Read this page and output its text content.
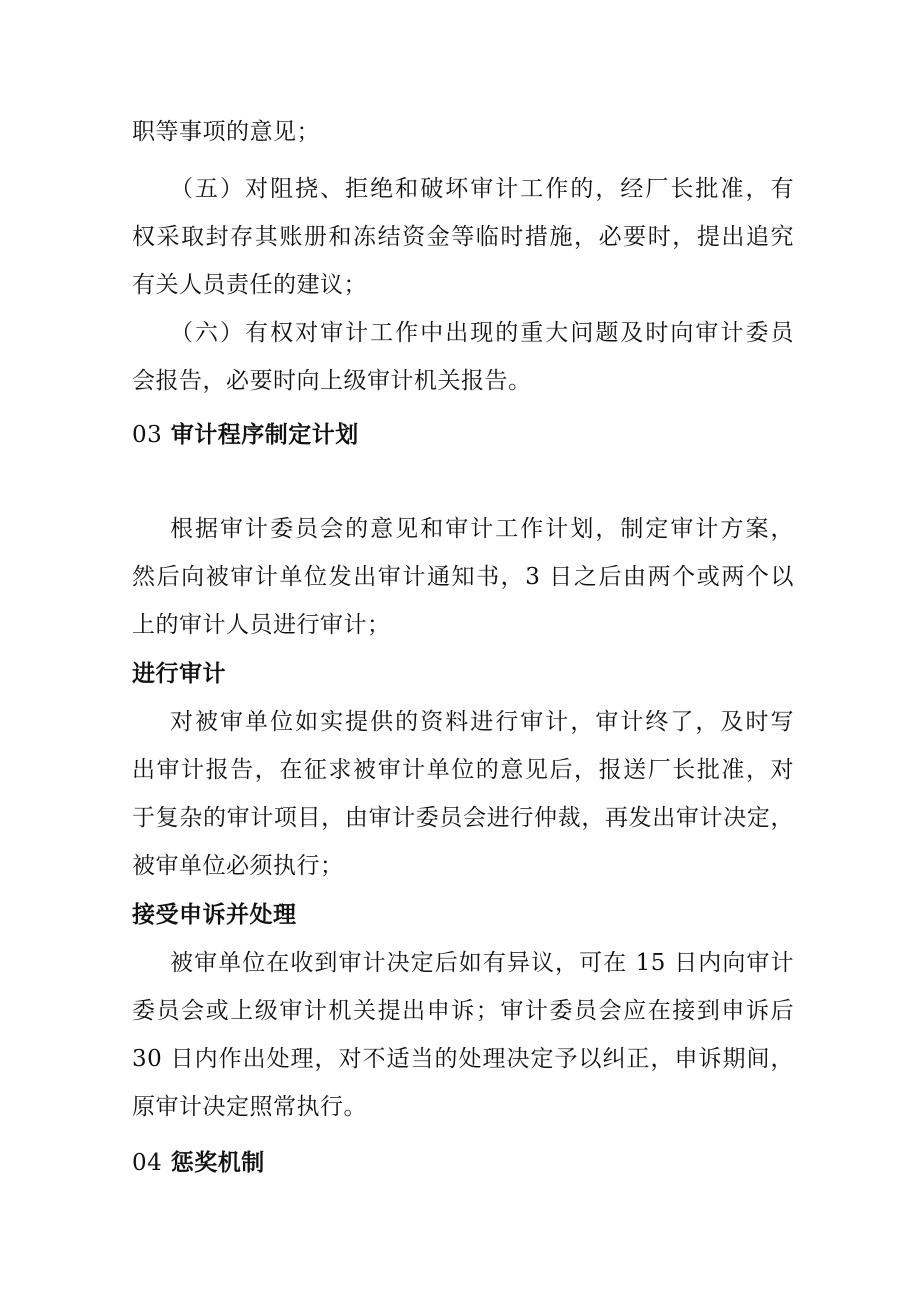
职等事项的意见；
（五）对阻挠、拒绝和破坏审计工作的，经厂长批准，有
权采取封存其账册和冻结资金等临时措施，必要时，提出追究
有关人员责任的建议；
（六）有权对审计工作中出现的重大问题及时向审计委员
会报告，必要时向上级审计机关报告。
03 审计程序制定计划
根据审计委员会的意见和审计工作计划，制定审计方案，
然后向被审计单位发出审计通知书，3 日之后由两个或两个以
上的审计人员进行审计；
进行审计
对被审单位如实提供的资料进行审计，审计终了，及时写
出审计报告，在征求被审计单位的意见后，报送厂长批准，对
于复杂的审计项目，由审计委员会进行仲裁，再发出审计决定，
被审单位必须执行；
接受申诉并处理
被审单位在收到审计决定后如有异议，可在 15 日内向审计
委员会或上级审计机关提出申诉；审计委员会应在接到申诉后
30 日内作出处理，对不适当的处理决定予以纠正，申诉期间，
原审计决定照常执行。
04 惩奖机制
